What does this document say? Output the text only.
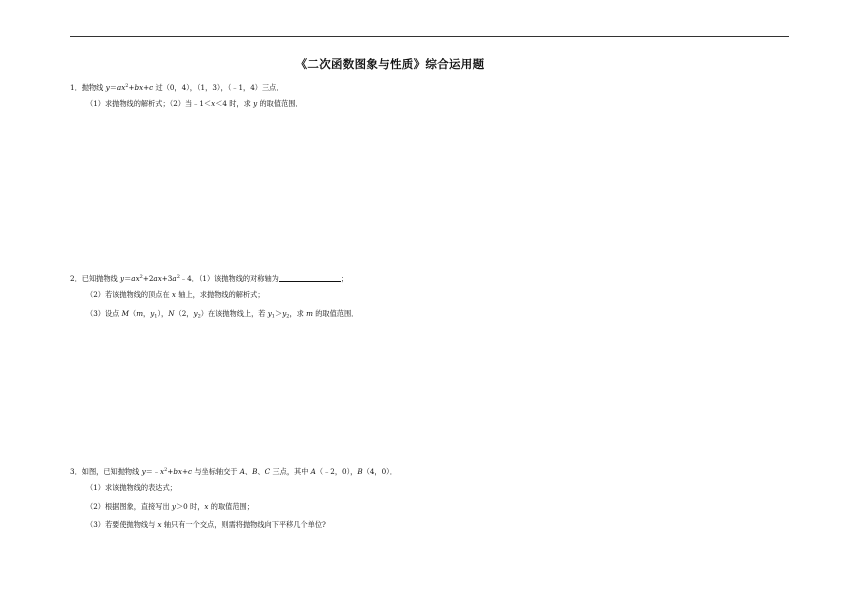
《二次函数图象与性质》综合运用题
1．抛物线 $y=ax^2+bx+c$ 过（0，4），（1，3），（﹣1，4）三点．
（1）求抛物线的解析式；（2）当﹣1＜x＜4 时，求 y 的取值范围．
2．已知抛物线 $y=ax^2+2ax+3a^2﹣4$．（1）该抛物线的对称轴为	；
（2）若该抛物线的顶点在 x 轴上，求抛物线的解析式；
（3）设点 M（m，$y_1$），N（2，$y_2$）在该抛物线上，若 $y_1>y_2$，求 m 的取值范围．
3．如图，已知抛物线 $y=﹣x^2+bx+c$ 与坐标轴交于 A、B、C 三点，其中 A（﹣2，0），B（4，0）．
（1）求该抛物线的表达式；
（2）根据图象，直接写出 y＞0 时，x 的取值范围；
（3）若要使抛物线与 x 轴只有一个交点，则需将抛物线向下平移几个单位?
